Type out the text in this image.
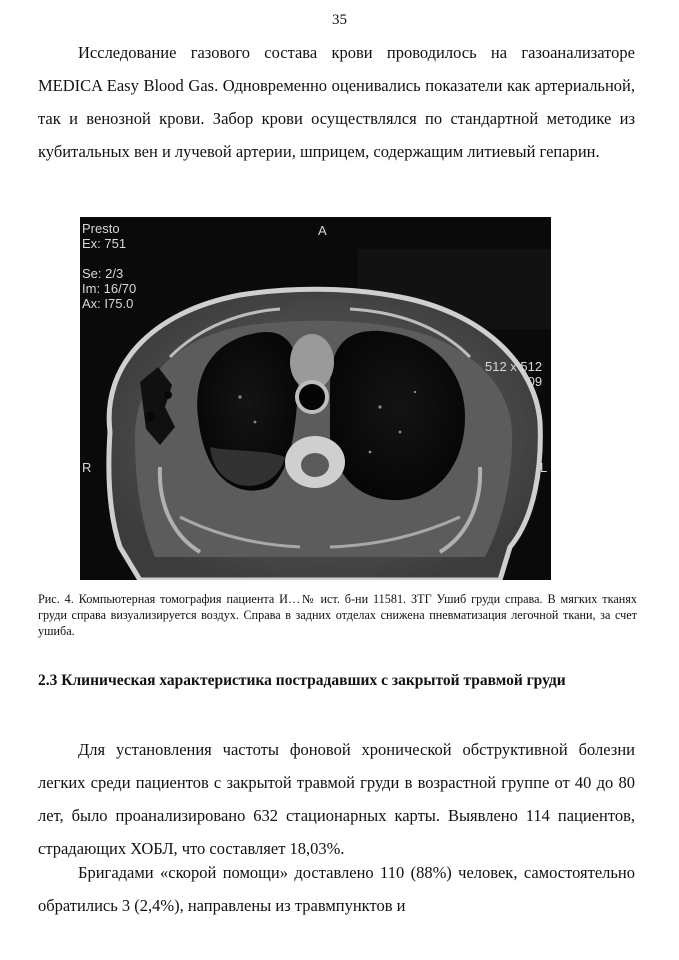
35

Исследование газового состава крови проводилось на газоанализаторе MEDICA Easy Blood Gas. Одновременно оценивались показатели как артериальной, так и венозной крови. Забор крови осуществлялся по стандартной методике из кубитальных вен и лучевой артерии, шприцем, содержащим литиевый гепарин.

Presto
Ex: 751

Se: 2/3
Im: 16/70
Ax: I75.0
A
512 x 512
09
R	L

Рис. 4. Компьютерная томография пациента И…№ ист. б-ни 11581. ЗТГ Ушиб груди справа. В мягких тканях груди справа визуализируется воздух. Справа в задних отделах снижена пневматизация легочной ткани, за счет ушиба.

2.3 Клиническая характеристика пострадавших с закрытой травмой груди

Для установления частоты фоновой хронической обструктивной болезни легких среди пациентов с закрытой травмой груди в возрастной группе от 40 до 80 лет, было проанализировано 632 стационарных карты. Выявлено 114 пациентов, страдающих ХОБЛ, что составляет 18,03%.

Бригадами «скорой помощи» доставлено 110 (88%) человек, самостоятельно обратились 3 (2,4%), направлены из травмпунктов и
